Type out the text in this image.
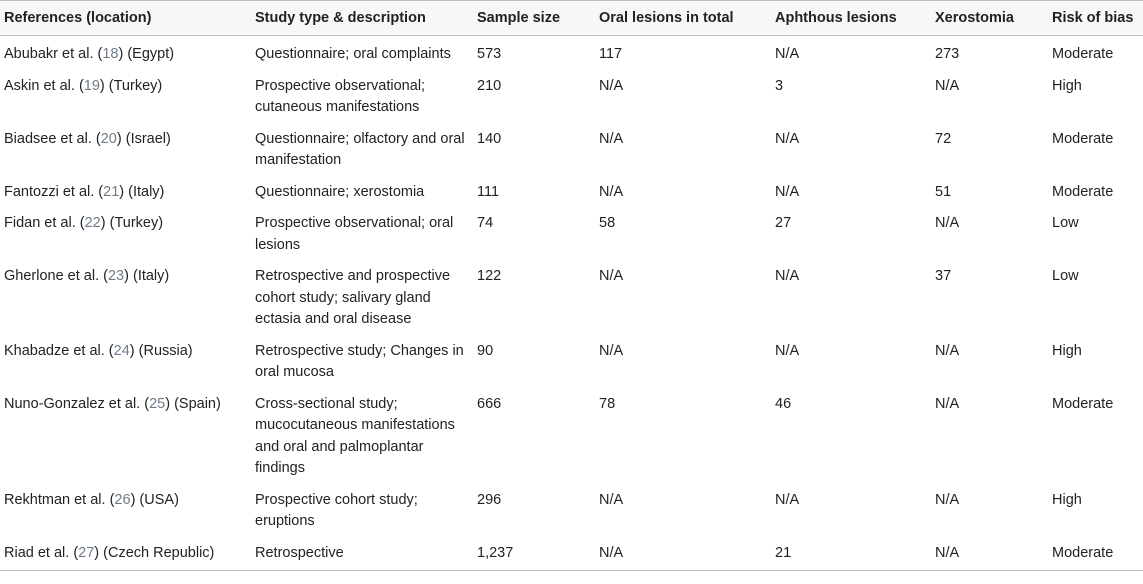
References (location)	Study type & description	Sample size	Oral lesions in total	Aphthous lesions	Xerostomia	Risk of bias
Abubakr et al. (18) (Egypt)	Questionnaire; oral complaints	573	117	N/A	273	Moderate
Askin et al. (19) (Turkey)	Prospective observational; cutaneous manifestations	210	N/A	3	N/A	High
Biadsee et al. (20) (Israel)	Questionnaire; olfactory and oral manifestation	140	N/A	N/A	72	Moderate
Fantozzi et al. (21) (Italy)	Questionnaire; xerostomia	111	N/A	N/A	51	Moderate
Fidan et al. (22) (Turkey)	Prospective observational; oral lesions	74	58	27	N/A	Low
Gherlone et al. (23) (Italy)	Retrospective and prospective cohort study; salivary gland ectasia and oral disease	122	N/A	N/A	37	Low
Khabadze et al. (24) (Russia)	Retrospective study; Changes in oral mucosa	90	N/A	N/A	N/A	High
Nuno-Gonzalez et al. (25) (Spain)	Cross-sectional study; mucocutaneous manifestations and oral and palmoplantar findings	666	78	46	N/A	Moderate
Rekhtman et al. (26) (USA)	Prospective cohort study; eruptions	296	N/A	N/A	N/A	High
Riad et al. (27) (Czech Republic)	Retrospective	1,237	N/A	21	N/A	Moderate
